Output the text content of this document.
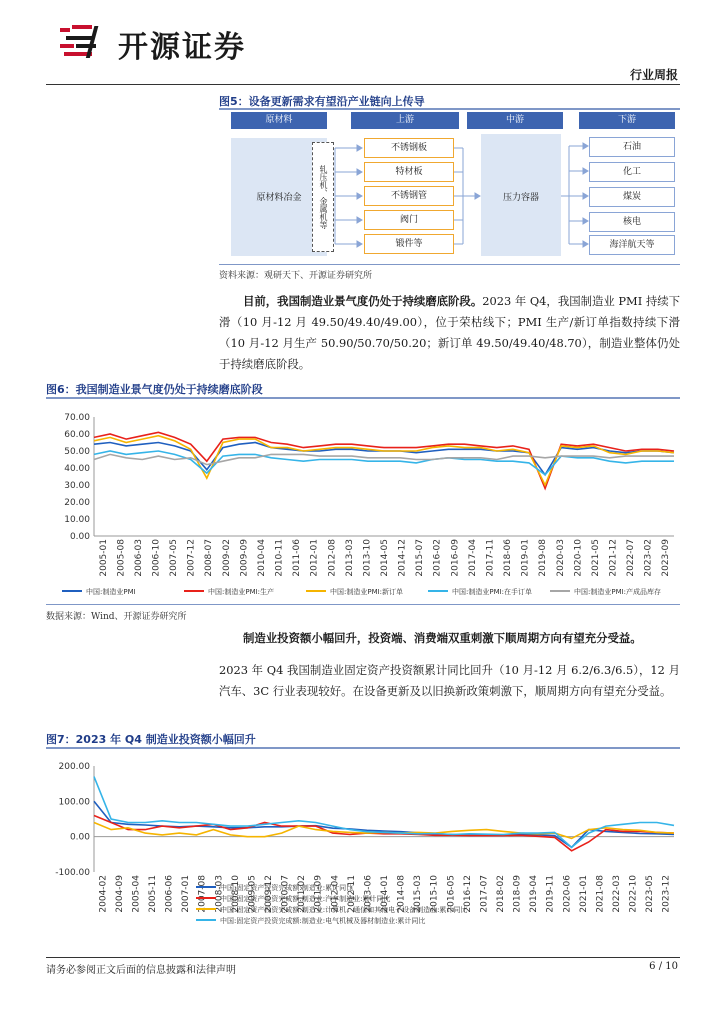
开源证券
行业周报
图5：设备更新需求有望沿产业链向上传导
原材料	上游	中游	下游
原材料冶金	轧压机、金属机等
不锈钢板
特材板
不锈钢管
阀门
锻件等
压力容器
石油
化工
煤炭
核电
海洋航天等
资料来源：观研天下、开源证券研究所
目前，我国制造业景气度仍处于持续磨底阶段。2023 年 Q4，我国制造业 PMI 持续下滑（10 月-12 月 49.50/49.40/49.00），位于荣枯线下；PMI 生产/新订单指数持续下滑（10 月-12 月生产 50.90/50.70/50.20；新订单 49.50/49.40/48.70），制造业整体仍处于持续磨底阶段。
图6：我国制造业景气度仍处于持续磨底阶段
70.00
60.00
50.00
40.00
30.00
20.00
10.00
0.00
2005-01 2005-08 2006-03 2006-10 2007-05 2007-12 2008-07 2009-02 2009-09 2010-04 2010-11 2011-06 2012-01 2012-08 2013-03 2013-10 2014-05 2014-12 2015-07 2016-02 2016-09 2017-04 2017-11 2018-06 2019-01 2019-08 2020-03 2020-10 2021-05 2021-12 2022-07 2023-02 2023-09
中国:制造业PMI	中国:制造业PMI:生产	中国:制造业PMI:新订单	中国:制造业PMI:在手订单	中国:制造业PMI:产成品库存
数据来源：Wind、开源证券研究所
制造业投资额小幅回升，投资端、消费端双重刺激下顺周期方向有望充分受益。
2023 年 Q4 我国制造业固定资产投资额累计同比回升（10 月-12 月 6.2/6.3/6.5），12 月汽车、3C 行业表现较好。在设备更新及以旧换新政策刺激下，顺周期方向有望充分受益。
图7：2023 年 Q4 制造业投资额小幅回升
200.00
100.00
0.00
-100.00
2004-02 2004-09 2005-04 2005-11 2006-06 2007-01 2007-08 2008-03 2008-10 2009-05 2009-12 2010-07 2011-02 2011-09 2012-04 2012-11 2013-06 2014-01 2014-08 2015-03 2015-10 2016-05 2016-12 2017-07 2018-02 2018-09 2019-04 2019-11 2020-06 2021-01 2021-08 2022-03 2022-10 2023-05 2023-12
中国:固定资产投资完成额:制造业:累计同比
中国:固定资产投资完成额:制造业:汽车制造业:累计同比
中国:固定资产投资完成额:制造业:计算机、通信和其他电子设备制造业:累计同比
中国:固定资产投资完成额:制造业:电气机械及器材制造业:累计同比
请务必参阅正文后面的信息披露和法律声明	6 / 10
